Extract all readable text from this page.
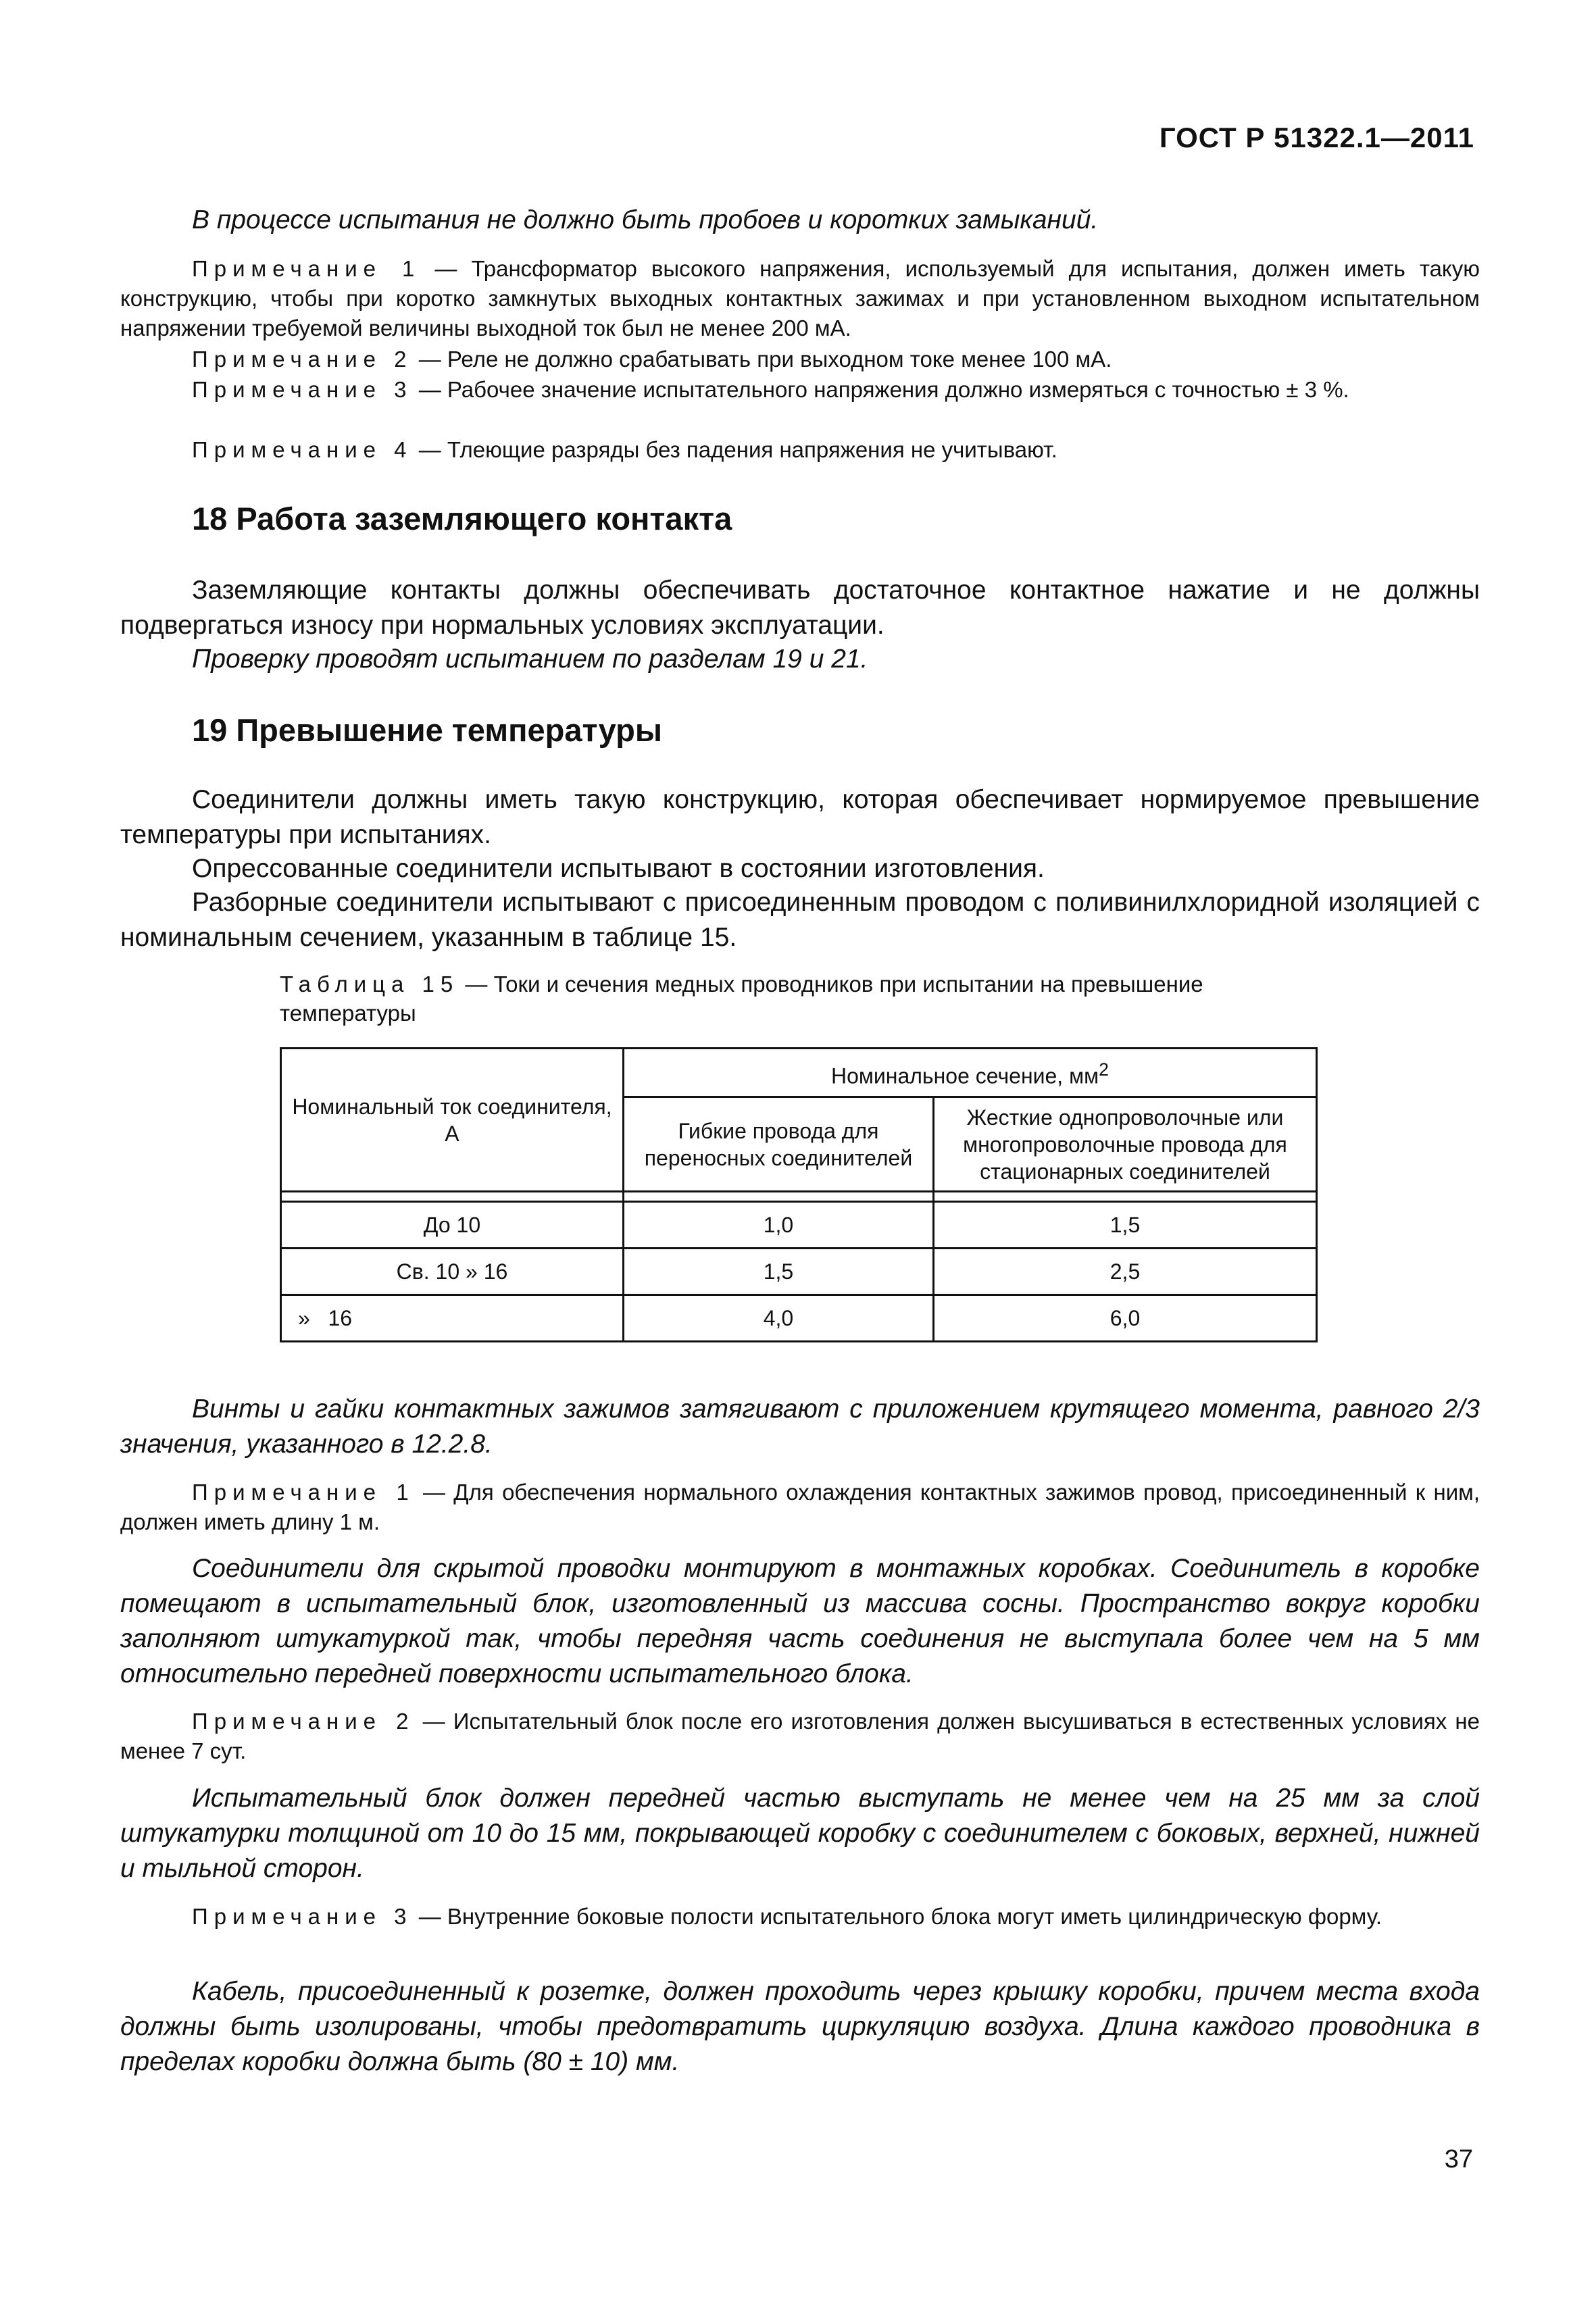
ГОСТ Р 51322.1—2011

В процессе испытания не должно быть пробоев и коротких замыканий.

Примечание 1 — Трансформатор высокого напряжения, используемый для испытания, должен иметь такую конструкцию, чтобы при коротко замкнутых выходных контактных зажимах и при установленном выходном испытательном напряжении требуемой величины выходной ток был не менее 200 мА.

Примечание 2 — Реле не должно срабатывать при выходном токе менее 100 мА.

Примечание 3 — Рабочее значение испытательного напряжения должно измеряться с точностью ± 3 %.

Примечание 4 — Тлеющие разряды без падения напряжения не учитывают.

18 Работа заземляющего контакта

Заземляющие контакты должны обеспечивать достаточное контактное нажатие и не должны подвергаться износу при нормальных условиях эксплуатации.

Проверку проводят испытанием по разделам 19 и 21.

19 Превышение температуры

Соединители должны иметь такую конструкцию, которая обеспечивает нормируемое превышение температуры при испытаниях.

Опрессованные соединители испытывают в состоянии изготовления.

Разборные соединители испытывают с присоединенным проводом с поливинилхлоридной изоляцией с номинальным сечением, указанным в таблице 15.

Таблица 15 — Токи и сечения медных проводников при испытании на превышение температуры

Номинальный ток соединителя, А	Номинальное сечение, $мм^2$
	Гибкие провода для переносных соединителей	Жесткие однопроволочные или многопроволочные провода для стационарных соединителей

До 10	1,0	1,5
Св. 10 » 16	1,5	2,5
»   16	4,0	6,0

Винты и гайки контактных зажимов затягивают с приложением крутящего момента, равного 2/3 значения, указанного в 12.2.8.

Примечание 1 — Для обеспечения нормального охлаждения контактных зажимов провод, присоединенный к ним, должен иметь длину 1 м.

Соединители для скрытой проводки монтируют в монтажных коробках. Соединитель в коробке помещают в испытательный блок, изготовленный из массива сосны. Пространство вокруг коробки заполняют штукатуркой так, чтобы передняя часть соединения не выступала более чем на 5 мм относительно передней поверхности испытательного блока.

Примечание 2 — Испытательный блок после его изготовления должен высушиваться в естественных условиях не менее 7 сут.

Испытательный блок должен передней частью выступать не менее чем на 25 мм за слой штукатурки толщиной от 10 до 15 мм, покрывающей коробку с соединителем с боковых, верхней, нижней и тыльной сторон.

Примечание 3 — Внутренние боковые полости испытательного блока могут иметь цилиндрическую форму.

Кабель, присоединенный к розетке, должен проходить через крышку коробки, причем места входа должны быть изолированы, чтобы предотвратить циркуляцию воздуха. Длина каждого проводника в пределах коробки должна быть (80 ± 10) мм.

37
